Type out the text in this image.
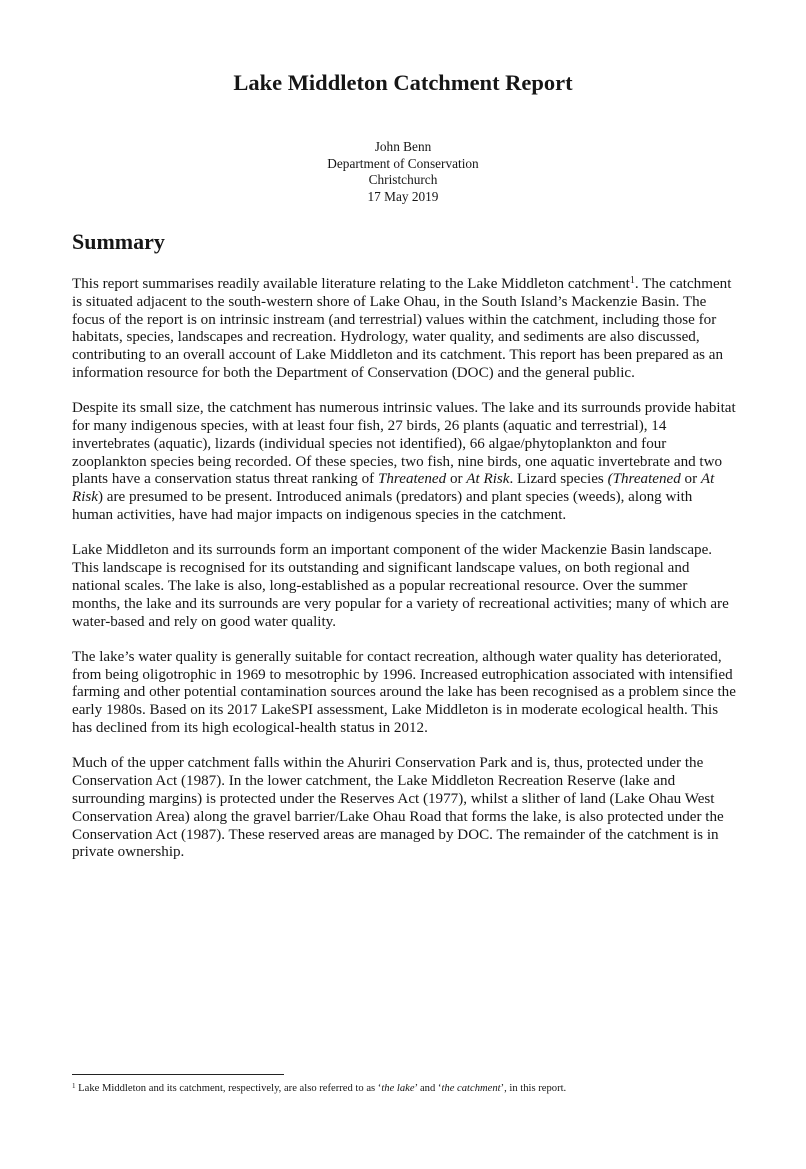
Lake Middleton Catchment Report
John Benn
Department of Conservation
Christchurch
17 May 2019
Summary

This report summarises readily available literature relating to the Lake Middleton catchment$^1$. The catchment is situated adjacent to the south-western shore of Lake Ohau, in the South Island’s Mackenzie Basin. The focus of the report is on intrinsic instream (and terrestrial) values within the catchment, including those for habitats, species, landscapes and recreation. Hydrology, water quality, and sediments are also discussed, contributing to an overall account of Lake Middleton and its catchment. This report has been prepared as an information resource for both the Department of Conservation (DOC) and the general public.

Despite its small size, the catchment has numerous intrinsic values. The lake and its surrounds provide habitat for many indigenous species, with at least four fish, 27 birds, 26 plants (aquatic and terrestrial), 14 invertebrates (aquatic), lizards (individual species not identified), 66 algae/phytoplankton and four zooplankton species being recorded. Of these species, two fish, nine birds, one aquatic invertebrate and two plants have a conservation status threat ranking of Threatened or At Risk. Lizard species (Threatened or At Risk) are presumed to be present. Introduced animals (predators) and plant species (weeds), along with human activities, have had major impacts on indigenous species in the catchment.

Lake Middleton and its surrounds form an important component of the wider Mackenzie Basin landscape. This landscape is recognised for its outstanding and significant landscape values, on both regional and national scales. The lake is also, long-established as a popular recreational resource. Over the summer months, the lake and its surrounds are very popular for a variety of recreational activities; many of which are water-based and rely on good water quality.

The lake’s water quality is generally suitable for contact recreation, although water quality has deteriorated, from being oligotrophic in 1969 to mesotrophic by 1996. Increased eutrophication associated with intensified farming and other potential contamination sources around the lake has been recognised as a problem since the early 1980s. Based on its 2017 LakeSPI assessment, Lake Middleton is in moderate ecological health. This has declined from its high ecological-health status in 2012.

Much of the upper catchment falls within the Ahuriri Conservation Park and is, thus, protected under the Conservation Act (1987). In the lower catchment, the Lake Middleton Recreation Reserve (lake and surrounding margins) is protected under the Reserves Act (1977), whilst a slither of land (Lake Ohau West Conservation Area) along the gravel barrier/Lake Ohau Road that forms the lake, is also protected under the Conservation Act (1987). These reserved areas are managed by DOC. The remainder of the catchment is in private ownership.

$^1$ Lake Middleton and its catchment, respectively, are also referred to as ‘the lake’ and ‘the catchment’, in this report.
